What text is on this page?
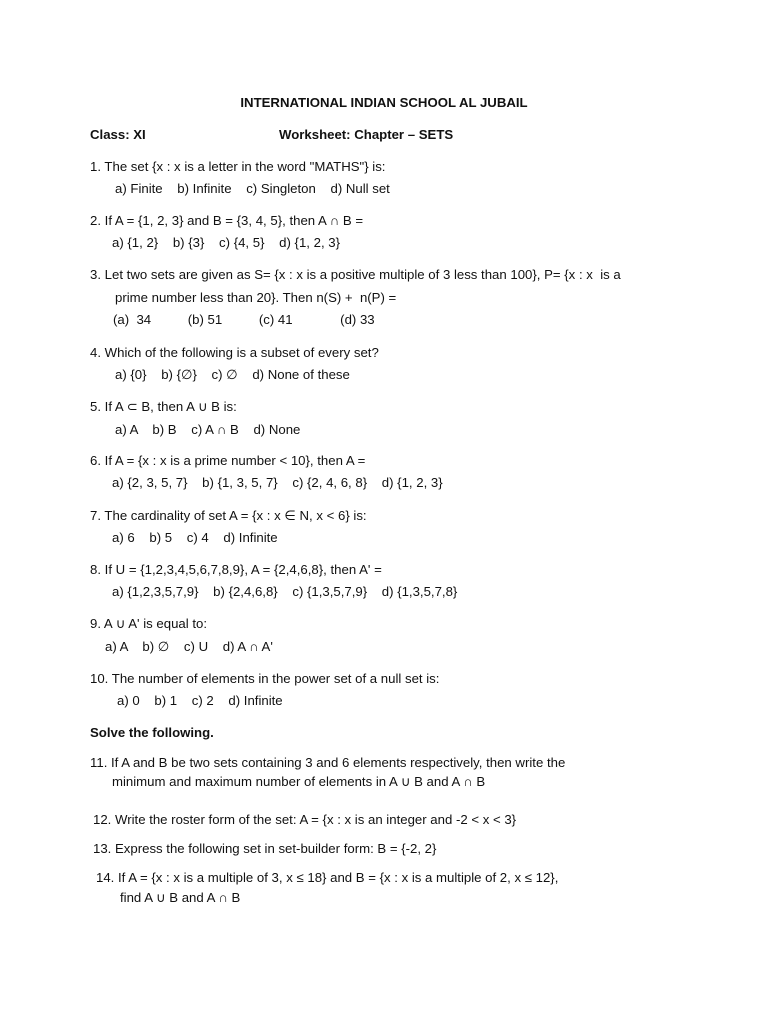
INTERNATIONAL INDIAN SCHOOL AL JUBAIL
Class: XI	Worksheet: Chapter – SETS
1. The set {x : x is a letter in the word "MATHS"} is:
a) Finite    b) Infinite    c) Singleton    d) Null set
2. If A = {1, 2, 3} and B = {3, 4, 5}, then A ∩ B =
a) {1, 2}    b) {3}    c) {4, 5}    d) {1, 2, 3}
3. Let two sets are given as S= {x : x is a positive multiple of 3 less than 100}, P= {x : x  is a
prime number less than 20}. Then n(S) +  n(P) =
(a)  34          (b) 51          (c) 41             (d) 33
4. Which of the following is a subset of every set?
a) {0}    b) {∅}    c) ∅    d) None of these
5. If A ⊂ B, then A ∪ B is:
a) A    b) B    c) A ∩ B    d) None
6. If A = {x : x is a prime number < 10}, then A =
a) {2, 3, 5, 7}    b) {1, 3, 5, 7}    c) {2, 4, 6, 8}    d) {1, 2, 3}
7. The cardinality of set A = {x : x ∈ N, x < 6} is:
a) 6    b) 5    c) 4    d) Infinite
8. If U = {1,2,3,4,5,6,7,8,9}, A = {2,4,6,8}, then A' =
a) {1,2,3,5,7,9}    b) {2,4,6,8}    c) {1,3,5,7,9}    d) {1,3,5,7,8}
9. A ∪ A' is equal to:
a) A    b) ∅    c) U    d) A ∩ A'
10. The number of elements in the power set of a null set is:
a) 0    b) 1    c) 2    d) Infinite
Solve the following.
11. If A and B be two sets containing 3 and 6 elements respectively, then write the
minimum and maximum number of elements in A ∪ B and A ∩ B
12. Write the roster form of the set: A = {x : x is an integer and -2 < x < 3}
13. Express the following set in set-builder form: B = {-2, 2}
14. If A = {x : x is a multiple of 3, x ≤ 18} and B = {x : x is a multiple of 2, x ≤ 12},
find A ∪ B and A ∩ B
